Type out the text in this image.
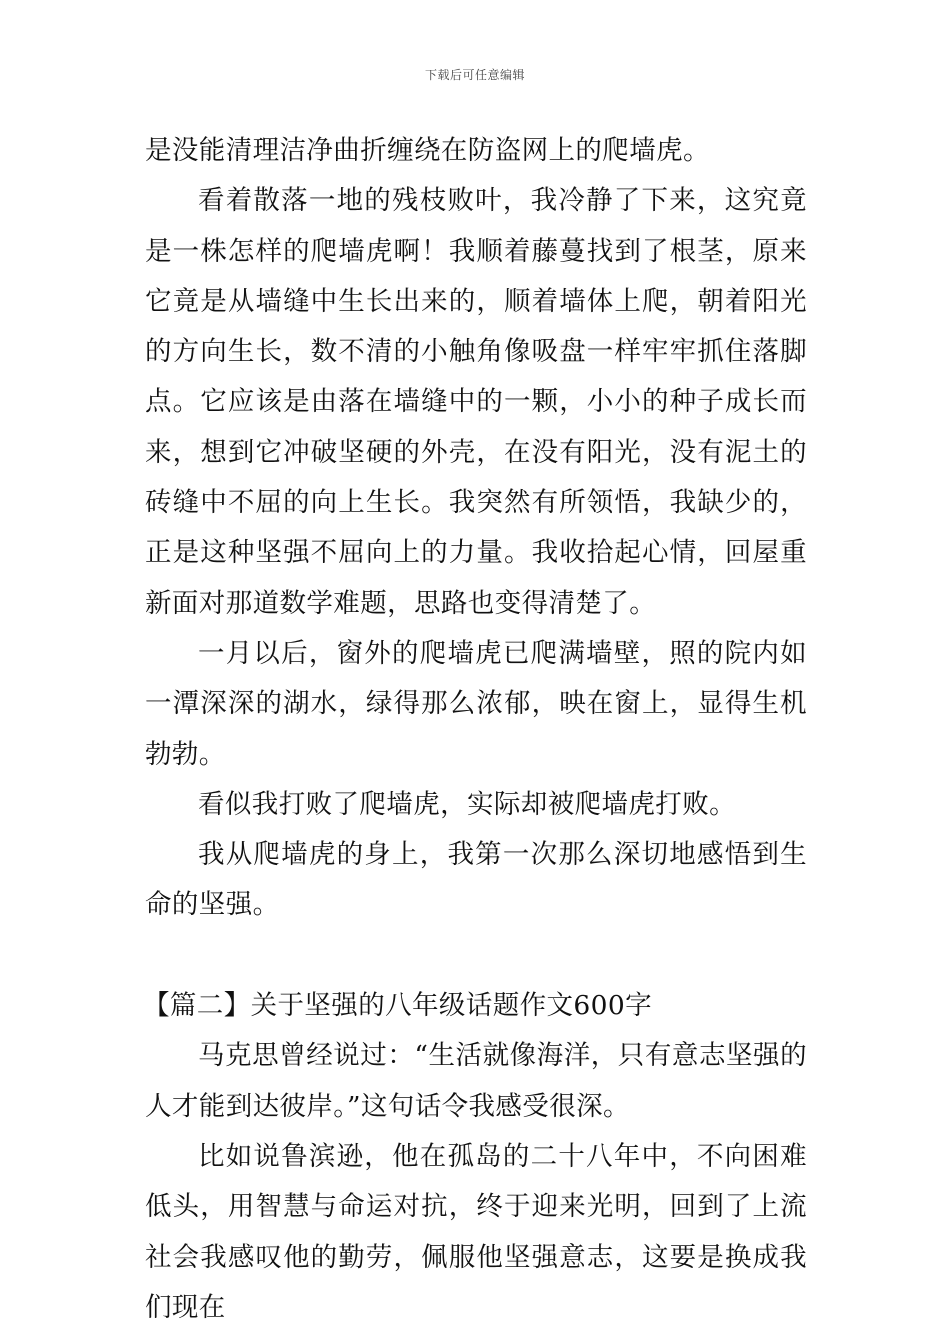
下载后可任意编辑

是没能清理洁净曲折缠绕在防盗网上的爬墙虎。

看着散落一地的残枝败叶，我冷静了下来，这究竟是一株怎样的爬墙虎啊！我顺着藤蔓找到了根茎，原来它竟是从墙缝中生长出来的，顺着墙体上爬，朝着阳光的方向生长，数不清的小触角像吸盘一样牢牢抓住落脚点。它应该是由落在墙缝中的一颗，小小的种子成长而来，想到它冲破坚硬的外壳，在没有阳光，没有泥土的砖缝中不屈的向上生长。我突然有所领悟，我缺少的，正是这种坚强不屈向上的力量。我收拾起心情，回屋重新面对那道数学难题，思路也变得清楚了。

一月以后，窗外的爬墙虎已爬满墙壁，照的院内如一潭深深的湖水，绿得那么浓郁，映在窗上，显得生机勃勃。

看似我打败了爬墙虎，实际却被爬墙虎打败。

我从爬墙虎的身上，我第一次那么深切地感悟到生命的坚强。

【篇二】关于坚强的八年级话题作文600字

马克思曾经说过：“生活就像海洋，只有意志坚强的人才能到达彼岸。”这句话令我感受很深。

比如说鲁滨逊，他在孤岛的二十八年中，不向困难低头，用智慧与命运对抗，终于迎来光明，回到了上流社会我感叹他的勤劳，佩服他坚强意志，这要是换成我们现在
